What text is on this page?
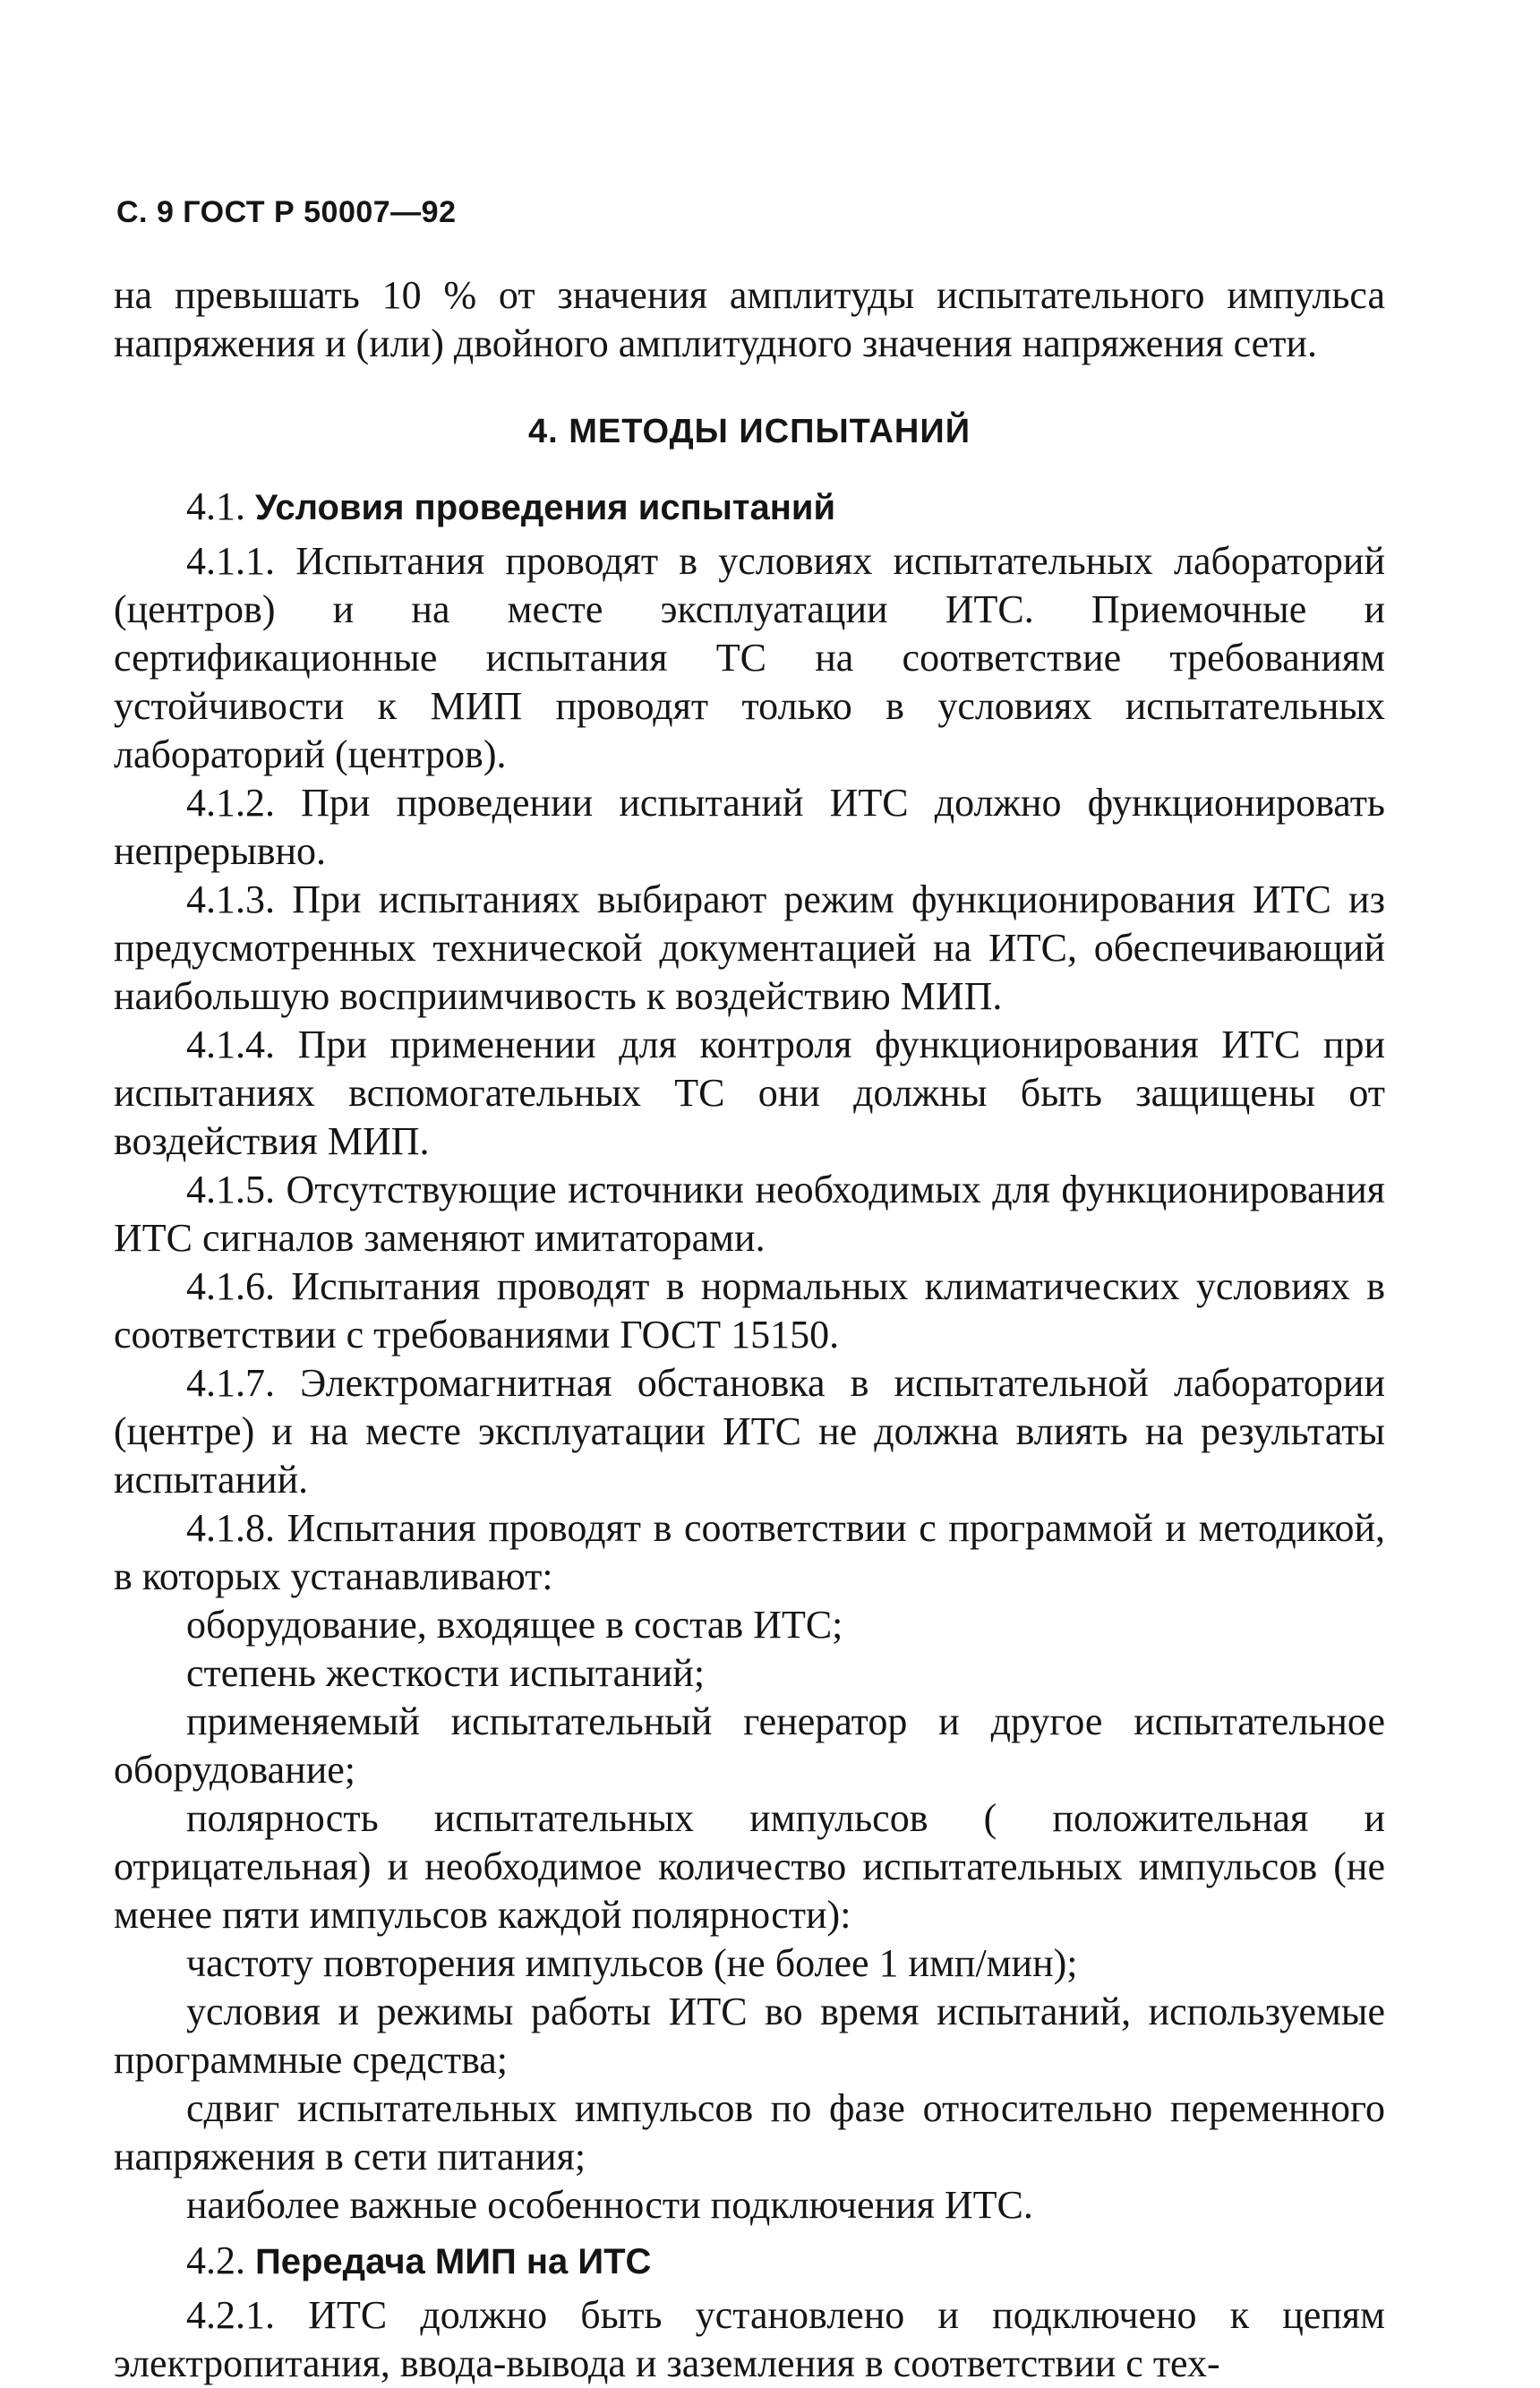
С. 9 ГОСТ Р 50007—92

на превышать 10 % от значения амплитуды испытательного импульса напряжения и (или) двойного амплитудного значения напряжения сети.

4. МЕТОДЫ ИСПЫТАНИЙ
4.1. Условия проведения испытаний

4.1.1. Испытания проводят в условиях испытательных лабораторий (центров) и на месте эксплуатации ИТС. Приемочные и сертификационные испытания ТС на соответствие требованиям устойчивости к МИП проводят только в условиях испытательных лабораторий (центров).

4.1.2. При проведении испытаний ИТС должно функционировать непрерывно.

4.1.3. При испытаниях выбирают режим функционирования ИТС из предусмотренных технической документацией на ИТС, обеспечивающий наибольшую восприимчивость к воздействию МИП.

4.1.4. При применении для контроля функционирования ИТС при испытаниях вспомогательных ТС они должны быть защищены от воздействия МИП.

4.1.5. Отсутствующие источники необходимых для функционирования ИТС сигналов заменяют имитаторами.

4.1.6. Испытания проводят в нормальных климатических условиях в соответствии с требованиями ГОСТ 15150.

4.1.7. Электромагнитная обстановка в испытательной лаборатории (центре) и на месте эксплуатации ИТС не должна влиять на результаты испытаний.

4.1.8. Испытания проводят в соответствии с программой и методикой, в которых устанавливают:

оборудование, входящее в состав ИТС;

степень жесткости испытаний;

применяемый испытательный генератор и другое испытательное оборудование;

полярность испытательных импульсов ( положительная и отрицательная) и необходимое количество испытательных импульсов (не менее пяти импульсов каждой полярности):

частоту повторения импульсов (не более 1 имп/мин);

условия и режимы работы ИТС во время испытаний, используемые программные средства;

сдвиг испытательных импульсов по фазе относительно переменного напряжения в сети питания;

наиболее важные особенности подключения ИТС.

4.2. Передача МИП на ИТС

4.2.1. ИТС должно быть установлено и подключено к цепям электропитания, ввода-вывода и заземления в соответствии с тех-
